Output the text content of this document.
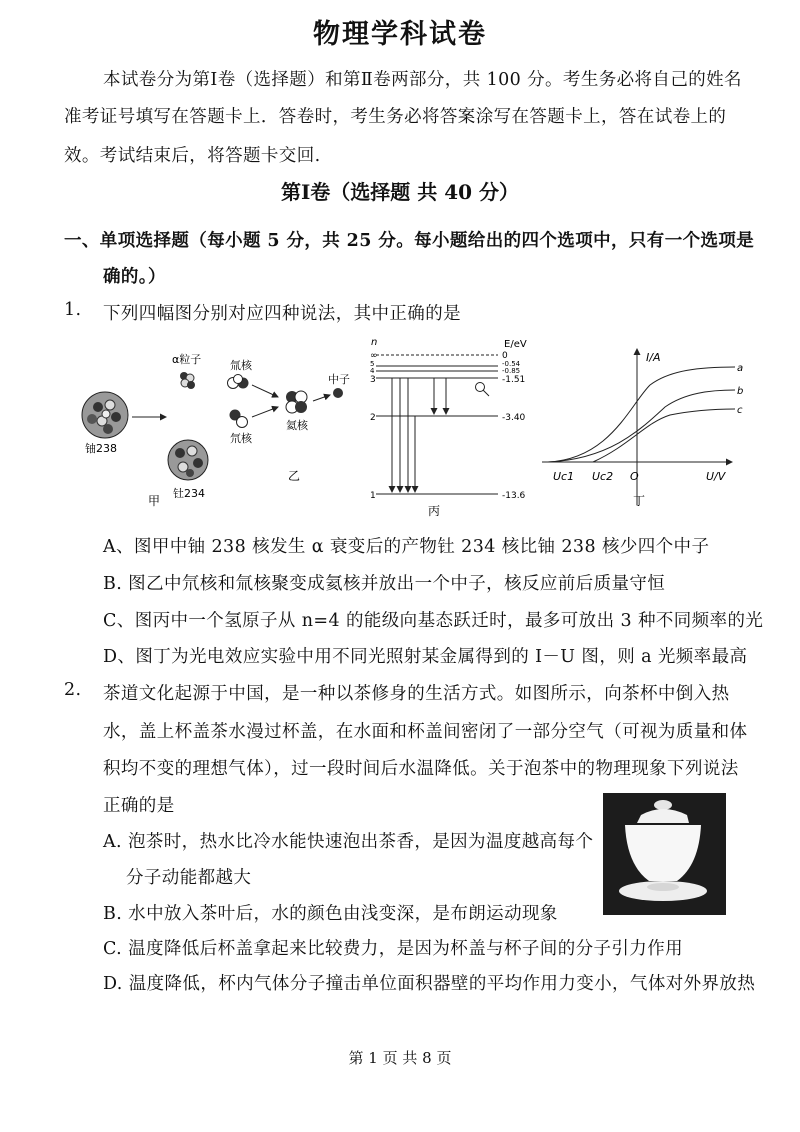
物理学科试卷
本试卷分为第Ⅰ卷（选择题）和第Ⅱ卷两部分，共 100 分。考生务必将自己的姓名
准考证号填写在答题卡上．答卷时，考生务必将答案涂写在答题卡上，答在试卷上的
效。考试结束后，将答题卡交回.
第Ⅰ卷（选择题 共 40 分）
一、单项选择题（每小题 5 分，共 25 分。每小题给出的四个选项中，只有一个选项是
确的。）
1. 下列四幅图分别对应四种说法，其中正确的是
铀238
α粒子
钍234
甲
氚核
氘核
氦核
中子
乙
n	E/eV
∞
5
4
3
2
1
0
-0.54
-0.85
-1.51
-3.40
-13.6
丙
I/A
U/V
O
Uc1 Uc2
a
b
c
丁
A、图甲中铀 238 核发生 α 衰变后的产物钍 234 核比铀 238 核少四个中子
B. 图乙中氘核和氚核聚变成氦核并放出一个中子，核反应前后质量守恒
C、图丙中一个氢原子从 n=4 的能级向基态跃迁时，最多可放出 3 种不同频率的光
D、图丁为光电效应实验中用不同光照射某金属得到的 I－U 图，则 a 光频率最高
2. 茶道文化起源于中国，是一种以茶修身的生活方式。如图所示，向茶杯中倒入热
水，盖上杯盖茶水漫过杯盖，在水面和杯盖间密闭了一部分空气（可视为质量和体
积均不变的理想气体），过一段时间后水温降低。关于泡茶中的物理现象下列说法
正确的是
A. 泡茶时，热水比冷水能快速泡出茶香，是因为温度越高每个
分子动能都越大
B. 水中放入茶叶后，水的颜色由浅变深，是布朗运动现象
C. 温度降低后杯盖拿起来比较费力，是因为杯盖与杯子间的分子引力作用
D. 温度降低，杯内气体分子撞击单位面积器壁的平均作用力变小，气体对外界放热
第 1 页 共 8 页
